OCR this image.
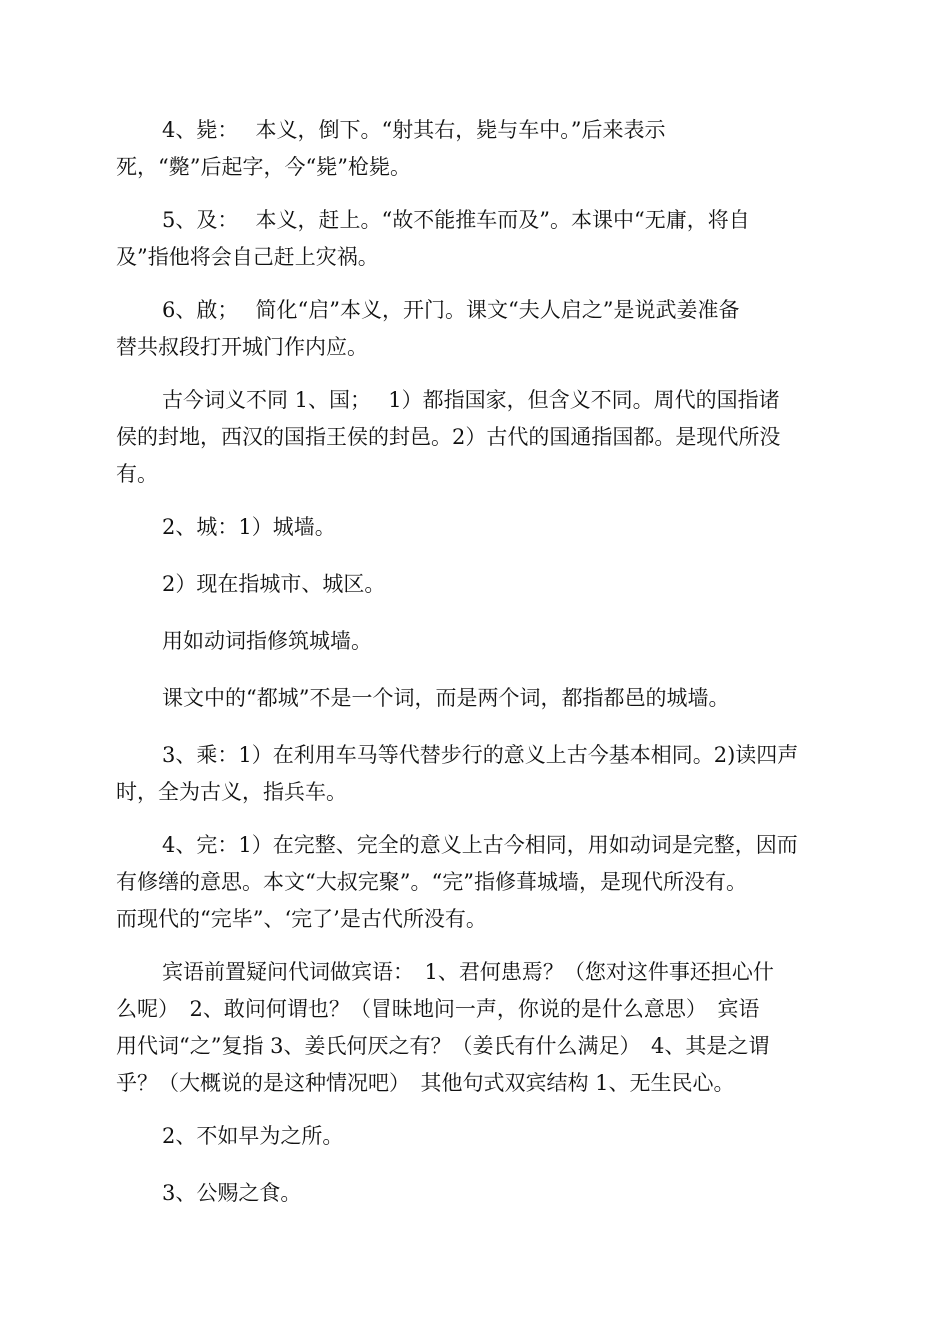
4、毙：　 本义，倒下。“射其右，毙与车中。”后来表示
死，“斃”后起字，今“毙”枪毙。

5、及：　 本义，赶上。“故不能推车而及”。本课中“无庸，将自
及”指他将会自己赶上灾祸。

6、啟；　 简化“启”本义，开门。课文“夫人启之”是说武姜准备
替共叔段打开城门作内应。

古今词义不同 1、国；　 1）都指国家，但含义不同。周代的国指诸
侯的封地，西汉的国指王侯的封邑。2）古代的国通指国都。是现代所没
有。

2、城：1）城墙。

2）现在指城市、城区。

用如动词指修筑城墙。

课文中的“都城”不是一个词，而是两个词，都指都邑的城墙。

3、乘：1）在利用车马等代替步行的意义上古今基本相同。2)读四声
时，全为古义，指兵车。

4、完：1）在完整、完全的意义上古今相同，用如动词是完整，因而
有修缮的意思。本文“大叔完聚”。“完”指修葺城墙，是现代所没有。
而现代的“完毕”、‘完了’是古代所没有。

宾语前置疑问代词做宾语：　1、君何患焉？（您对这件事还担心什
么呢）　2、敢问何谓也？（冒昧地问一声，你说的是什么意思）　宾语
用代词“之”复指 3、姜氏何厌之有？（姜氏有什么满足）　4、其是之谓
乎？（大概说的是这种情况吧）　其他句式双宾结构 1、无生民心。

2、不如早为之所。

3、公赐之食。
